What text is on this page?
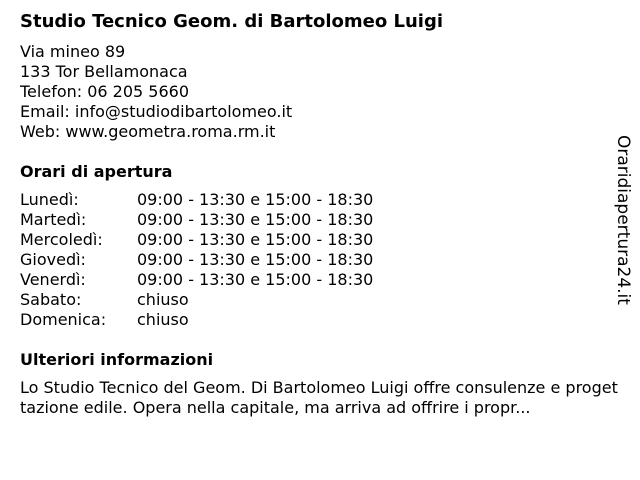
Studio Tecnico Geom. di Bartolomeo Luigi
Via mineo 89
133 Tor Bellamonaca
Telefon: 06 205 5660
Email: info@studiodibartolomeo.it
Web: www.geometra.roma.rm.it
Orari di apertura
Lunedì:	09:00 - 13:30 e 15:00 - 18:30
Martedì:	09:00 - 13:30 e 15:00 - 18:30
Mercoledì:	09:00 - 13:30 e 15:00 - 18:30
Giovedì:	09:00 - 13:30 e 15:00 - 18:30
Venerdì:	09:00 - 13:30 e 15:00 - 18:30
Sabato:	chiuso
Domenica:	chiuso
Ulteriori informazioni
Lo Studio Tecnico del Geom. Di Bartolomeo Luigi offre consulenze e progettazione edile. Opera nella capitale, ma arriva ad offrire i propr...
Oraridiapertura24.it
